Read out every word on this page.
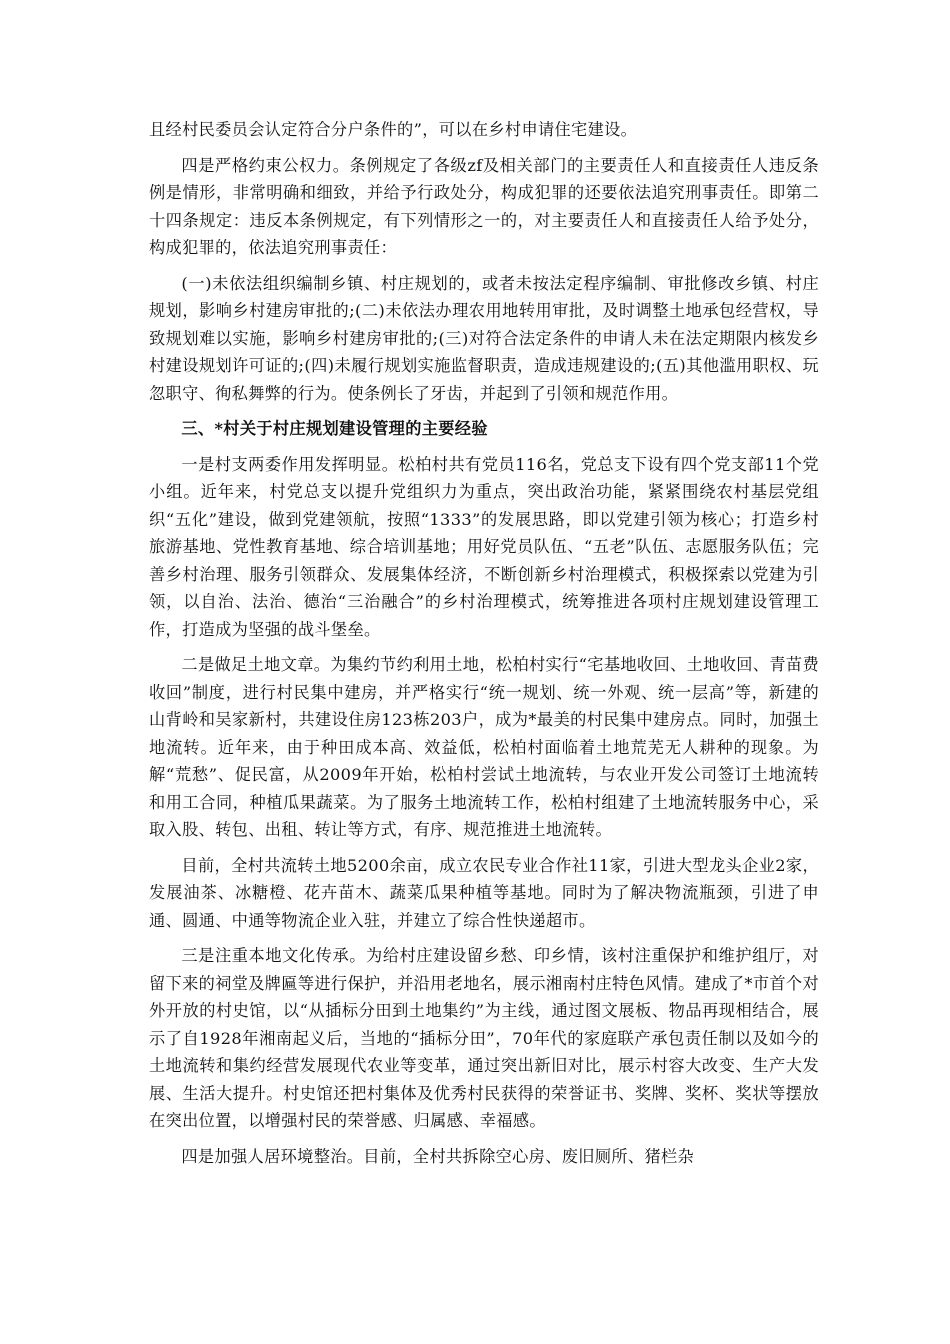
且经村民委员会认定符合分户条件的”，可以在乡村申请住宅建设。

四是严格约束公权力。条例规定了各级zf及相关部门的主要责任人和直接责任人违反条例是情形，非常明确和细致，并给予行政处分，构成犯罪的还要依法追究刑事责任。即第二十四条规定：违反本条例规定，有下列情形之一的，对主要责任人和直接责任人给予处分，构成犯罪的，依法追究刑事责任：

(一)未依法组织编制乡镇、村庄规划的，或者未按法定程序编制、审批修改乡镇、村庄规划，影响乡村建房审批的;(二)未依法办理农用地转用审批，及时调整土地承包经营权，导致规划难以实施，影响乡村建房审批的;(三)对符合法定条件的申请人未在法定期限内核发乡村建设规划许可证的;(四)未履行规划实施监督职责，造成违规建设的;(五)其他滥用职权、玩忽职守、徇私舞弊的行为。使条例长了牙齿，并起到了引领和规范作用。

三、*村关于村庄规划建设管理的主要经验

一是村支两委作用发挥明显。松柏村共有党员116名，党总支下设有四个党支部11个党小组。近年来，村党总支以提升党组织力为重点，突出政治功能，紧紧围绕农村基层党组织“五化”建设，做到党建领航，按照“1333”的发展思路，即以党建引领为核心；打造乡村旅游基地、党性教育基地、综合培训基地；用好党员队伍、“五老”队伍、志愿服务队伍；完善乡村治理、服务引领群众、发展集体经济，不断创新乡村治理模式，积极探索以党建为引领，以自治、法治、德治“三治融合”的乡村治理模式，统筹推进各项村庄规划建设管理工作，打造成为坚强的战斗堡垒。

二是做足土地文章。为集约节约利用土地，松柏村实行“宅基地收回、土地收回、青苗费收回”制度，进行村民集中建房，并严格实行“统一规划、统一外观、统一层高”等，新建的山背岭和吴家新村，共建设住房123栋203户，成为*最美的村民集中建房点。同时，加强土地流转。近年来，由于种田成本高、效益低，松柏村面临着土地荒芜无人耕种的现象。为解“荒愁”、促民富，从2009年开始，松柏村尝试土地流转，与农业开发公司签订土地流转和用工合同，种植瓜果蔬菜。为了服务土地流转工作，松柏村组建了土地流转服务中心，采取入股、转包、出租、转让等方式，有序、规范推进土地流转。

目前，全村共流转土地5200余亩，成立农民专业合作社11家，引进大型龙头企业2家，发展油茶、冰糖橙、花卉苗木、蔬菜瓜果种植等基地。同时为了解决物流瓶颈，引进了申通、圆通、中通等物流企业入驻，并建立了综合性快递超市。

三是注重本地文化传承。为给村庄建设留乡愁、印乡情，该村注重保护和维护组厅，对留下来的祠堂及牌匾等进行保护，并沿用老地名，展示湘南村庄特色风情。建成了*市首个对外开放的村史馆，以“从插标分田到土地集约”为主线，通过图文展板、物品再现相结合，展示了自1928年湘南起义后，当地的“插标分田”，70年代的家庭联产承包责任制以及如今的土地流转和集约经营发展现代农业等变革，通过突出新旧对比，展示村容大改变、生产大发展、生活大提升。村史馆还把村集体及优秀村民获得的荣誉证书、奖牌、奖杯、奖状等摆放在突出位置，以增强村民的荣誉感、归属感、幸福感。

四是加强人居环境整治。目前，全村共拆除空心房、废旧厕所、猪栏杂
